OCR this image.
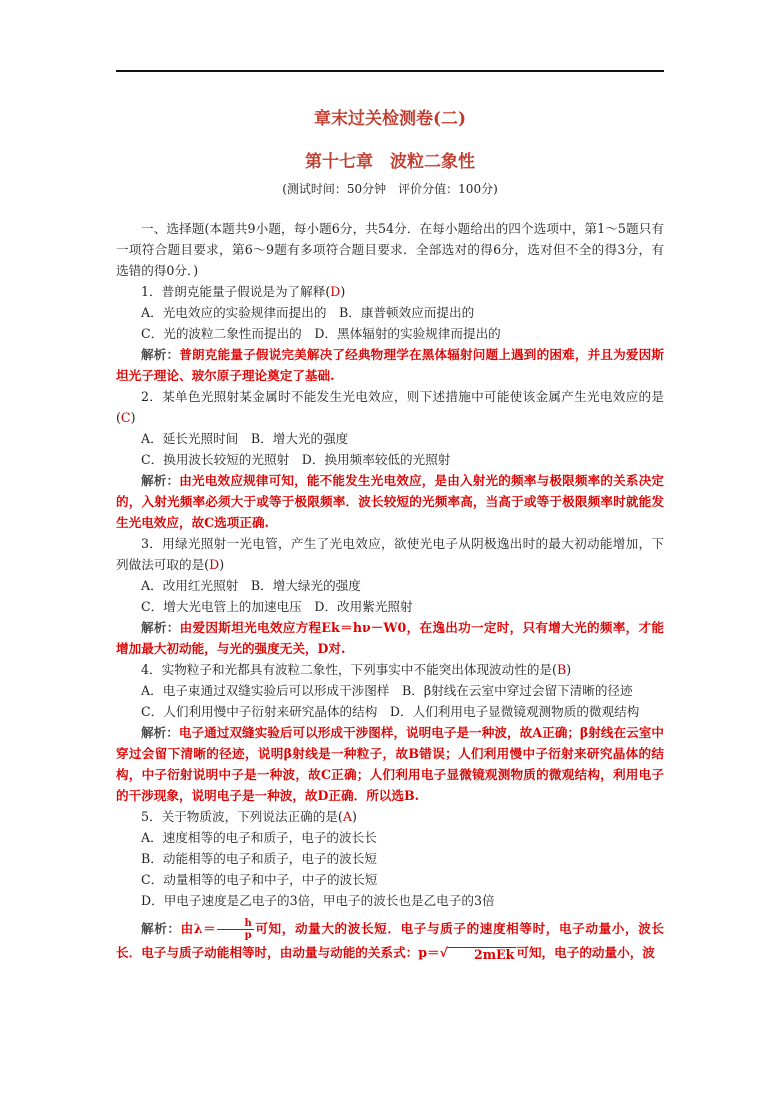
章末过关检测卷(二)
第十七章　波粒二象性
(测试时间：50分钟　评价分值：100分)

一、选择题(本题共9小题，每小题6分，共54分．在每小题给出的四个选项中，第1～5题只有一项符合题目要求，第6～9题有多项符合题目要求．全部选对的得6分，选对但不全的得3分，有选错的得0分．)

1．普朗克能量子假说是为了解释(D)

A．光电效应的实验规律而提出的　B．康普顿效应而提出的

C．光的波粒二象性而提出的　D．黑体辐射的实验规律而提出的

解析：普朗克能量子假说完美解决了经典物理学在黑体辐射问题上遇到的困难，并且为爱因斯坦光子理论、玻尔原子理论奠定了基础.

2．某单色光照射某金属时不能发生光电效应，则下述措施中可能使该金属产生光电效应的是(C)

A．延长光照时间　B．增大光的强度

C．换用波长较短的光照射　D．换用频率较低的光照射

解析：由光电效应规律可知，能不能发生光电效应，是由入射光的频率与极限频率的关系决定的，入射光频率必须大于或等于极限频率．波长较短的光频率高，当高于或等于极限频率时就能发生光电效应，故C选项正确.

3．用绿光照射一光电管，产生了光电效应，欲使光电子从阴极逸出时的最大初动能增加，下列做法可取的是(D)

A．改用红光照射　B．增大绿光的强度

C．增大光电管上的加速电压　D．改用紫光照射

解析：由爱因斯坦光电效应方程Ek＝hν－W0，在逸出功一定时，只有增大光的频率，才能增加最大初动能，与光的强度无关，D对.

4．实物粒子和光都具有波粒二象性，下列事实中不能突出体现波动性的是(B)

A．电子束通过双缝实验后可以形成干涉图样　B．β射线在云室中穿过会留下清晰的径迹

C．人们利用慢中子衍射来研究晶体的结构　D．人们利用电子显微镜观测物质的微观结构

解析：电子通过双缝实验后可以形成干涉图样，说明电子是一种波，故A正确；β射线在云室中穿过会留下清晰的径迹，说明β射线是一种粒子，故B错误；人们利用慢中子衍射来研究晶体的结构，中子衍射说明中子是一种波，故C正确；人们利用电子显微镜观测物质的微观结构，利用电子的干涉现象，说明电子是一种波，故D正确．所以选B.

5．关于物质波，下列说法正确的是(A)

A．速度相等的电子和质子，电子的波长长

B．动能相等的电子和质子，电子的波长短

C．动量相等的电子和中子，中子的波长短

D．甲电子速度是乙电子的3倍，甲电子的波长也是乙电子的3倍

解析：由$\lambda= \frac{h}{p}$ 可知，动量大的波长短．电子与质子的速度相等时，电子动量小，波长长．电子与质子动能相等时，由动量与动能的关系式：p＝√ 2mEk 可知，电子的动量小，波
